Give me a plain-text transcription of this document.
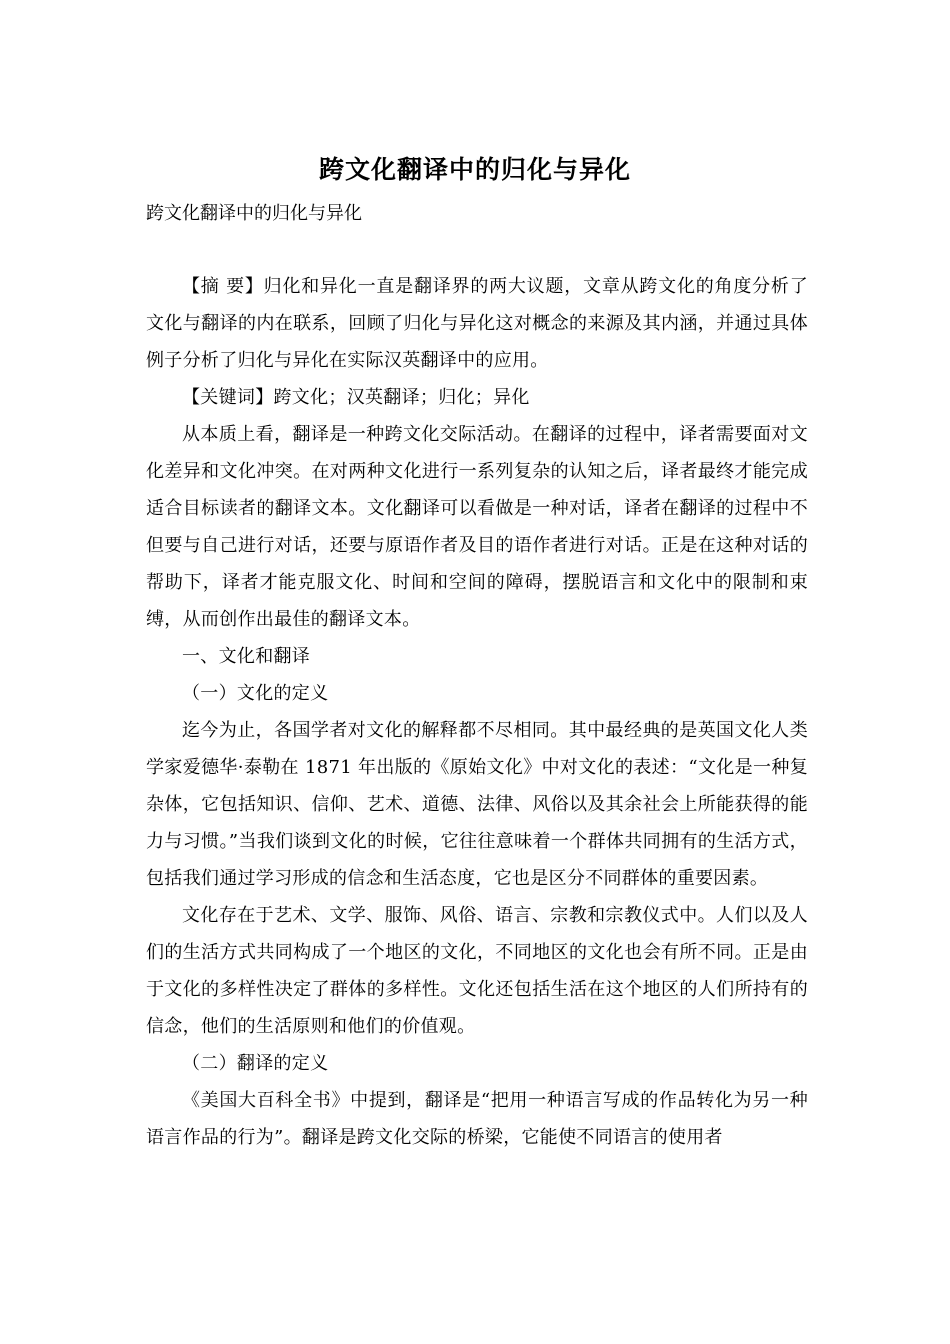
跨文化翻译中的归化与异化
跨文化翻译中的归化与异化

【摘 要】归化和异化一直是翻译界的两大议题，文章从跨文化的角度分析了文化与翻译的内在联系，回顾了归化与异化这对概念的来源及其内涵，并通过具体例子分析了归化与异化在实际汉英翻译中的应用。

【关键词】跨文化；汉英翻译；归化；异化

从本质上看，翻译是一种跨文化交际活动。在翻译的过程中，译者需要面对文化差异和文化冲突。在对两种文化进行一系列复杂的认知之后，译者最终才能完成适合目标读者的翻译文本。文化翻译可以看做是一种对话，译者在翻译的过程中不但要与自己进行对话，还要与原语作者及目的语作者进行对话。正是在这种对话的帮助下，译者才能克服文化、时间和空间的障碍，摆脱语言和文化中的限制和束缚，从而创作出最佳的翻译文本。

一、文化和翻译

（一）文化的定义

迄今为止，各国学者对文化的解释都不尽相同。其中最经典的是英国文化人类学家爱德华·泰勒在 1871 年出版的《原始文化》中对文化的表述：“文化是一种复杂体，它包括知识、信仰、艺术、道德、法律、风俗以及其余社会上所能获得的能力与习惯。”当我们谈到文化的时候，它往往意味着一个群体共同拥有的生活方式，包括我们通过学习形成的信念和生活态度，它也是区分不同群体的重要因素。

文化存在于艺术、文学、服饰、风俗、语言、宗教和宗教仪式中。人们以及人们的生活方式共同构成了一个地区的文化，不同地区的文化也会有所不同。正是由于文化的多样性决定了群体的多样性。文化还包括生活在这个地区的人们所持有的信念，他们的生活原则和他们的价值观。

（二）翻译的定义

《美国大百科全书》中提到，翻译是“把用一种语言写成的作品转化为另一种语言作品的行为”。翻译是跨文化交际的桥梁，它能使不同语言的使用者
